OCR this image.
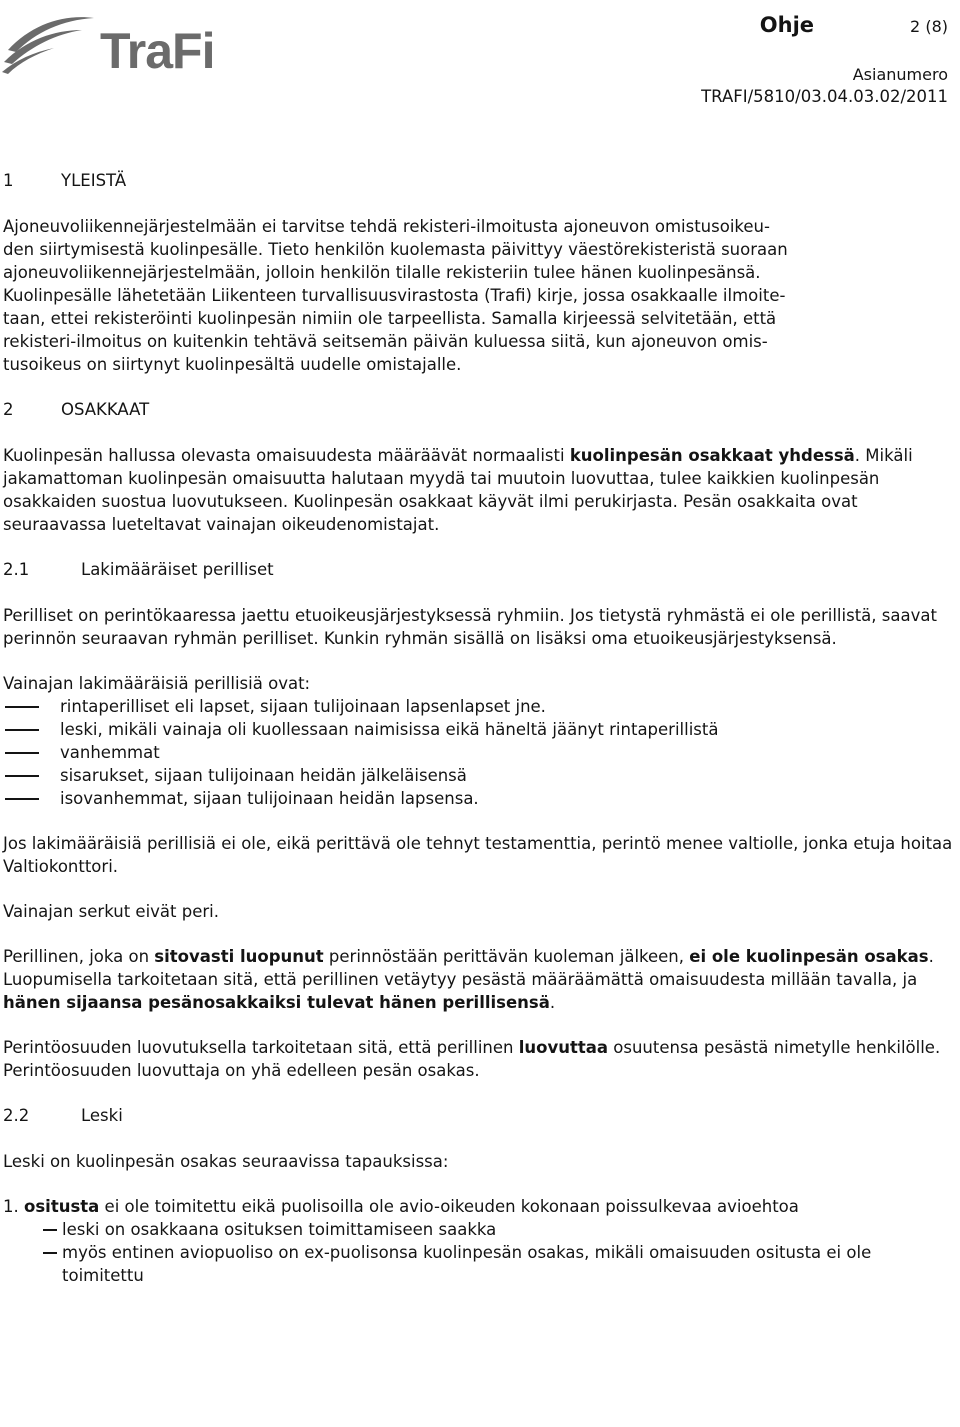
TraFi	Ohje	2 (8)
Asianumero
TRAFI/5810/03.04.03.02/2011
1	YLEISTÄ

Ajoneuvoliikennejärjestelmään ei tarvitse tehdä rekisteri-ilmoitusta ajoneuvon omistusoikeu-
den siirtymisestä kuolinpesälle. Tieto henkilön kuolemasta päivittyy väestörekisteristä suoraan
ajoneuvoliikennejärjestelmään, jolloin henkilön tilalle rekisteriin tulee hänen kuolinpesänsä.
Kuolinpesälle lähetetään Liikenteen turvallisuusvirastosta (Trafi) kirje, jossa osakkaalle ilmoite-
taan, ettei rekisteröinti kuolinpesän nimiin ole tarpeellista. Samalla kirjeessä selvitetään, että
rekisteri-ilmoitus on kuitenkin tehtävä seitsemän päivän kuluessa siitä, kun ajoneuvon omis-
tusoikeus on siirtynyt kuolinpesältä uudelle omistajalle.

2	OSAKKAAT

Kuolinpesän hallussa olevasta omaisuudesta määräävät normaalisti kuolinpesän osakkaat yhdessä. Mikäli jakamattoman kuolinpesän omaisuutta halutaan myydä tai muutoin luovuttaa, tulee kaikkien kuolinpesän osakkaiden suostua luovutukseen. Kuolinpesän osakkaat käyvät ilmi perukirjasta. Pesän osakkaita ovat seuraavassa lueteltavat vainajan oikeudenomistajat.

2.1	Lakimääräiset perilliset

Perilliset on perintökaaressa jaettu etuoikeusjärjestyksessä ryhmiin. Jos tietystä ryhmästä ei ole perillistä, saavat perinnön seuraavan ryhmän perilliset. Kunkin ryhmän sisällä on lisäksi oma etuoikeusjärjestyksensä.

Vainajan lakimääräisiä perillisiä ovat:

rintaperilliset eli lapset, sijaan tulijoinaan lapsenlapset jne.
leski, mikäli vainaja oli kuollessaan naimisissa eikä häneltä jäänyt rintaperillistä
vanhemmat
sisarukset, sijaan tulijoinaan heidän jälkeläisensä
isovanhemmat, sijaan tulijoinaan heidän lapsensa.

Jos lakimääräisiä perillisiä ei ole, eikä perittävä ole tehnyt testamenttia, perintö menee valtiolle, jonka etuja hoitaa Valtiokonttori.

Vainajan serkut eivät peri.

Perillinen, joka on sitovasti luopunut perinnöstään perittävän kuoleman jälkeen, ei ole kuolinpesän osakas. Luopumisella tarkoitetaan sitä, että perillinen vetäytyy pesästä määräämättä omaisuudesta millään tavalla, ja hänen sijaansa pesänosakkaiksi tulevat hänen perillisensä.

Perintöosuuden luovutuksella tarkoitetaan sitä, että perillinen luovuttaa osuutensa pesästä nimetylle henkilölle. Perintöosuuden luovuttaja on yhä edelleen pesän osakas.

2.2	Leski

Leski on kuolinpesän osakas seuraavissa tapauksissa:

1. ositusta ei ole toimitettu eikä puolisoilla ole avio-oikeuden kokonaan poissulkevaa avioehtoa

leski on osakkaana osituksen toimittamiseen saakka
myös entinen aviopuoliso on ex-puolisonsa kuolinpesän osakas, mikäli omaisuuden ositusta ei ole toimitettu
